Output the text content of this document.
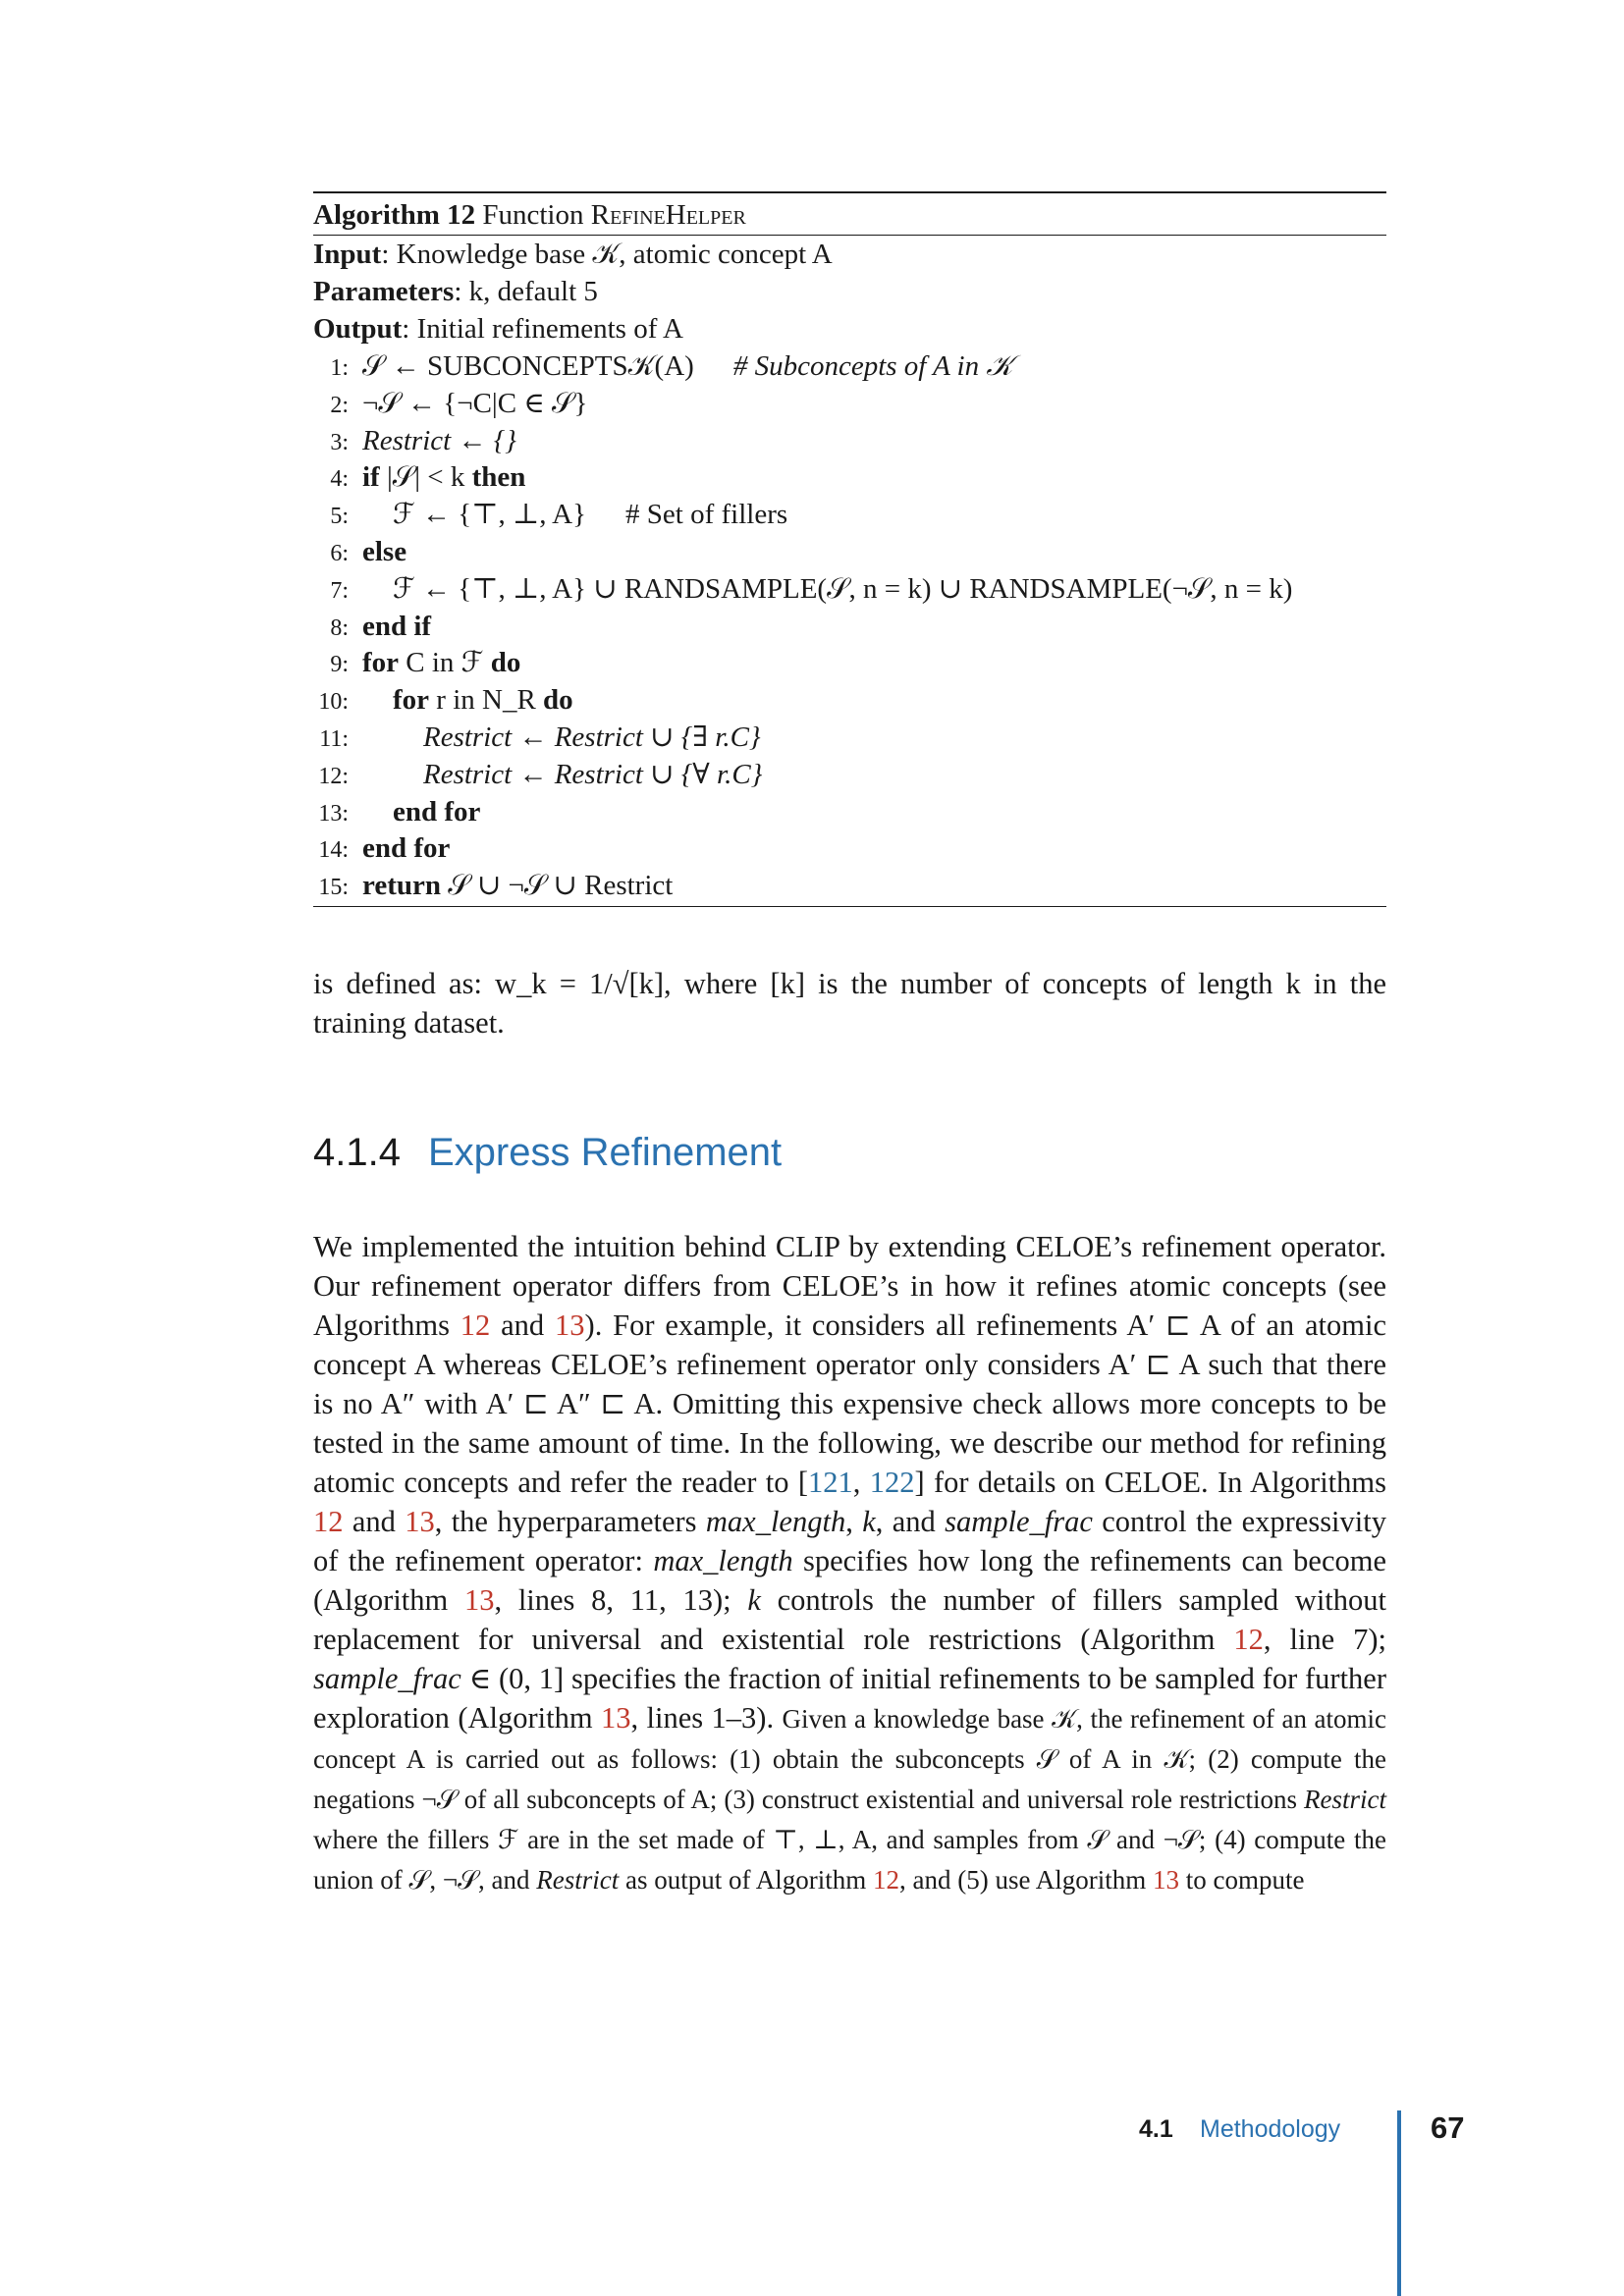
Algorithm 12 Function RefineHelper
Input: Knowledge base 𝒦, atomic concept A
Parameters: k, default 5
Output: Initial refinements of A
1: 𝒮 ← SUBCONCEPTS𝒦(A) # Subconcepts of A in 𝒦
2: ¬𝒮 ← {¬C|C ∈ 𝒮}
3: Restrict ← {}
4: if
|𝒮| < k
then
5:	ℱ ← {⊤, ⊥, A} # Set of fillers
6: else
7:	ℱ ← {⊤, ⊥, A} ∪ RANDSAMPLE(𝒮, n = k) ∪ RANDSAMPLE(¬𝒮, n = k)
8: end if
9: for
C in ℱ
do
10:	for r in N_R do
11:	Restrict ← Restrict ∪ {∃ r.C}
12:	Restrict ← Restrict ∪ {∀ r.C}
13:	end for
14: end for
15: return
𝒮 ∪ ¬𝒮 ∪ Restrict
is defined as: w_k = 1/√[k], where [k] is the number of concepts of length k in the training dataset.
4.1.4 Express Refinement
We implemented the intuition behind CLIP by extending CELOE’s refinement operator. Our refinement operator differs from CELOE’s in how it refines atomic concepts (see Algorithms 12 and 13). For example, it considers all refinements A′ ⊏ A of an atomic concept A whereas CELOE’s refinement operator only considers A′ ⊏ A such that there is no A″ with A′ ⊏ A″ ⊏ A. Omitting this expensive check allows more concepts to be tested in the same amount of time. In the following, we describe our method for refining atomic concepts and refer the reader to [121, 122] for details on CELOE. In Algorithms 12 and 13, the hyperparameters max_length, k, and sample_frac control the expressivity of the refinement operator: max_length specifies how long the refinements can become (Algorithm 13, lines 8, 11, 13); k controls the number of fillers sampled without replacement for universal and existential role restrictions (Algorithm 12, line 7); sample_frac ∈ (0, 1] specifies the fraction of initial refinements to be sampled for further exploration (Algorithm 13, lines 1–3). Given a knowledge base 𝒦, the refinement of an atomic concept A is carried out as follows: (1) obtain the subconcepts 𝒮 of A in 𝒦; (2) compute the negations ¬𝒮 of all subconcepts of A; (3) construct existential and universal role restrictions Restrict where the fillers ℱ are in the set made of ⊤, ⊥, A, and samples from 𝒮 and ¬𝒮; (4) compute the union of 𝒮, ¬𝒮, and Restrict as output of Algorithm 12, and (5) use Algorithm 13 to compute
4.1 Methodology	67
